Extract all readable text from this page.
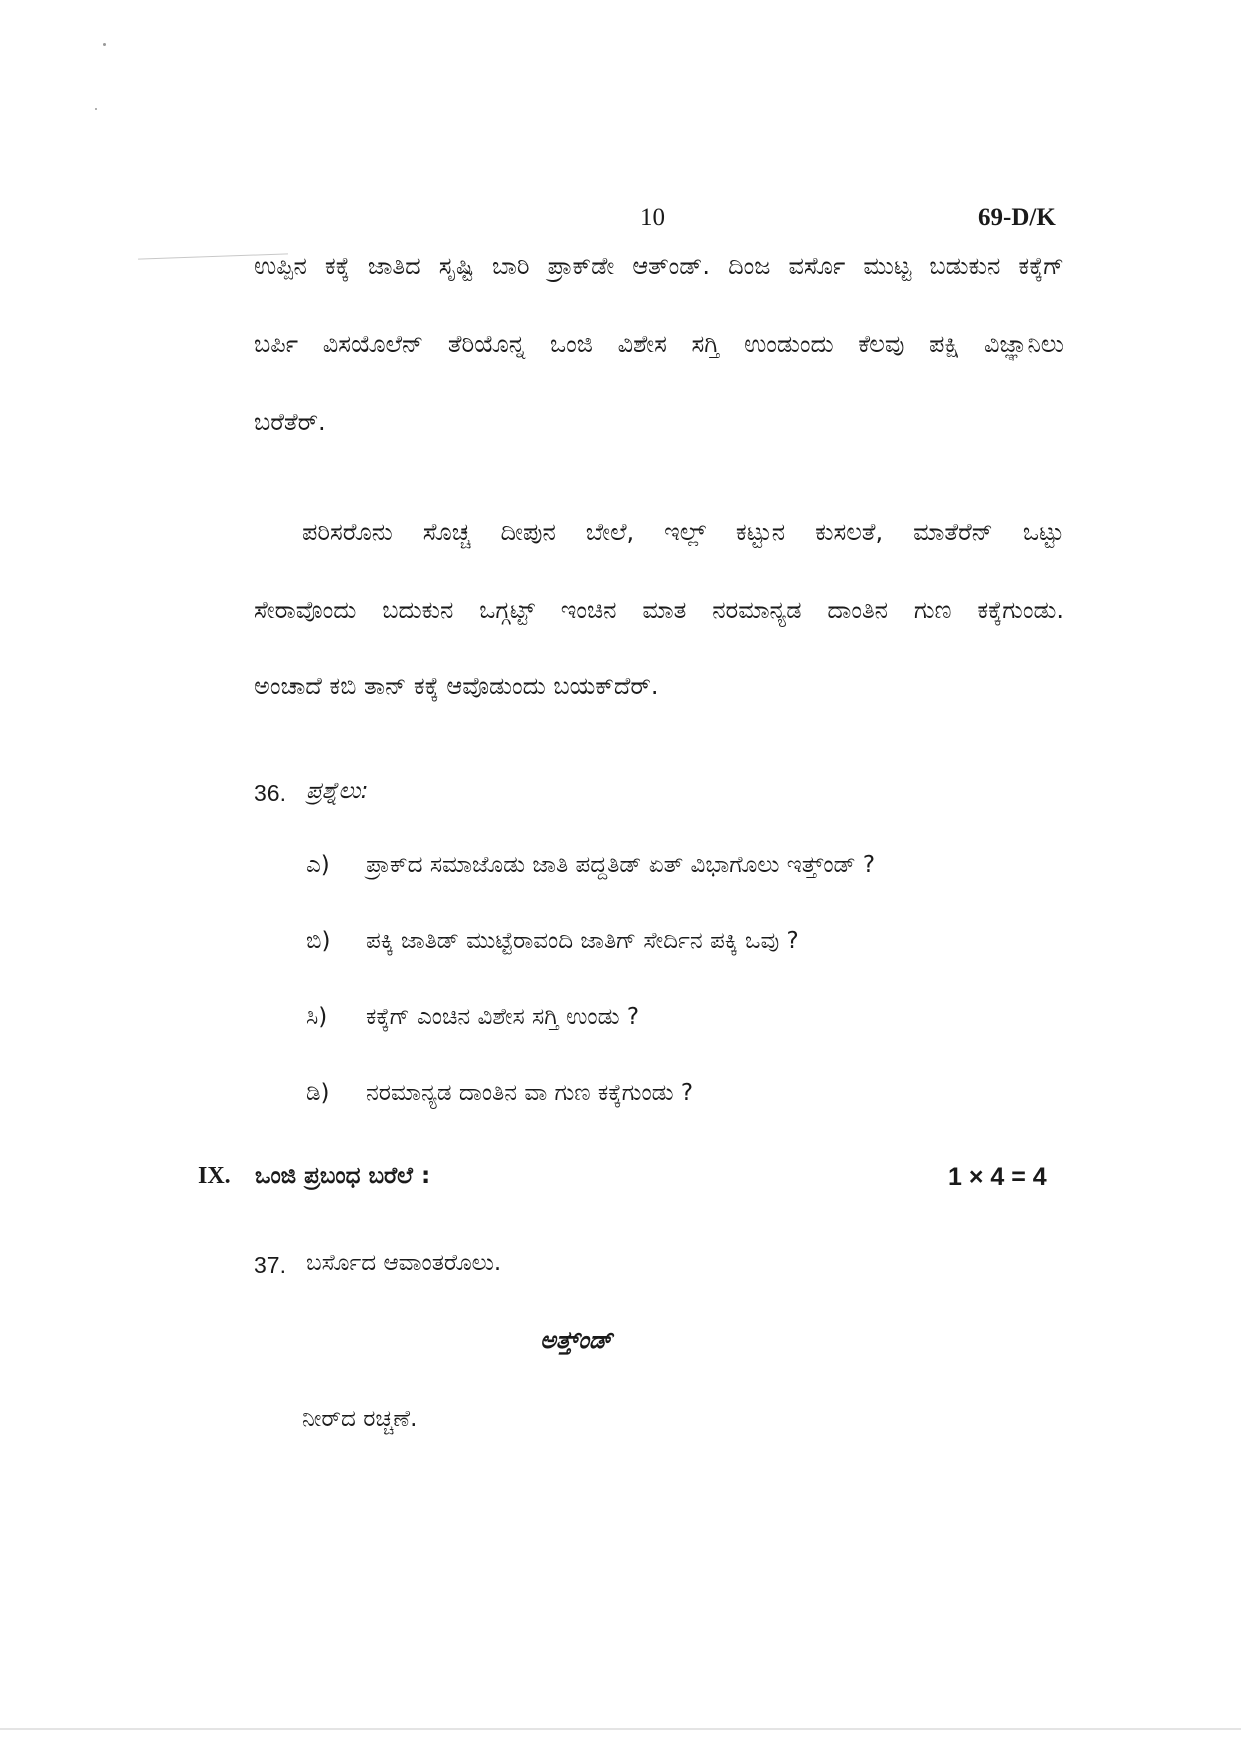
10	69-D/K
ಉಪ್ಪಿನ ಕಕ್ಕೆ ಜಾತಿದ ಸೃಷ್ಟಿ ಬಾರಿ ಪ್ರಾಕ್‌ಡೇ ಆತ್‌ಂಡ್. ದಿಂಜ ವರ್ಸೊ ಮುಟ್ಟ ಬಡುಕುನ ಕಕ್ಕೆಗ್
ಬರ್ಪಿ ವಿಸಯೊಲೆನ್ ತೆರಿಯೊನ್ನ ಒಂಜಿ ವಿಶೇಸ ಸಗ್ತಿ ಉಂಡುಂದು ಕೆಲವು ಪಕ್ಷಿ ವಿಜ್ಞಾನಿಲು
ಬರೆತೆರ್.
ಪರಿಸರೊನು ಸೊಚ್ಚ ದೀಪುನ ಬೇಲೆ, ಇಲ್ಲ್ ಕಟ್ಟುನ ಕುಸಲತೆ, ಮಾತೆರೆನ್ ಒಟ್ಟು
ಸೇರಾವೊಂದು ಬದುಕುನ ಒಗ್ಗಟ್ಟ್ ಇಂಚಿನ ಮಾತ ನರಮಾನ್ಯಡ ದಾಂತಿನ ಗುಣ ಕಕ್ಕೆಗುಂಡು.
ಅಂಚಾದೆ ಕಬಿ ತಾನ್ ಕಕ್ಕೆ ಆವೊಡುಂದು ಬಯಕ್‌ದೆರ್.
36. ಪ್ರಶ್ನೆಲು:
ಎ) ಪ್ರಾಕ್‌ದ ಸಮಾಜೊಡು ಜಾತಿ ಪದ್ದತಿಡ್ ಏತ್ ವಿಭಾಗೊಲು ಇತ್ತ್‌ಂಡ್ ?
ಬಿ) ಪಕ್ಕಿ ಜಾತಿಡ್ ಮುಟ್ಟೆರಾವಂದಿ ಜಾತಿಗ್ ಸೇರ್ದಿನ ಪಕ್ಕಿ ಒವು ?
ಸಿ) ಕಕ್ಕೆಗ್ ಎಂಚಿನ ವಿಶೇಸ ಸಗ್ತಿ ಉಂಡು ?
ಡಿ) ನರಮಾನ್ಯಡ ದಾಂತಿನ ವಾ ಗುಣ ಕಕ್ಕೆಗುಂಡು ?
IX. ಒಂಜಿ ಪ್ರಬಂಧ ಬರೆಲೆ :	1 × 4 = 4
37. ಬರ್ಸೊದ ಆವಾಂತರೊಲು.
ಅತ್ತ್‌ಂಡ್
ನೀರ್‌ದ ರಚ್ಚಣೆ.
